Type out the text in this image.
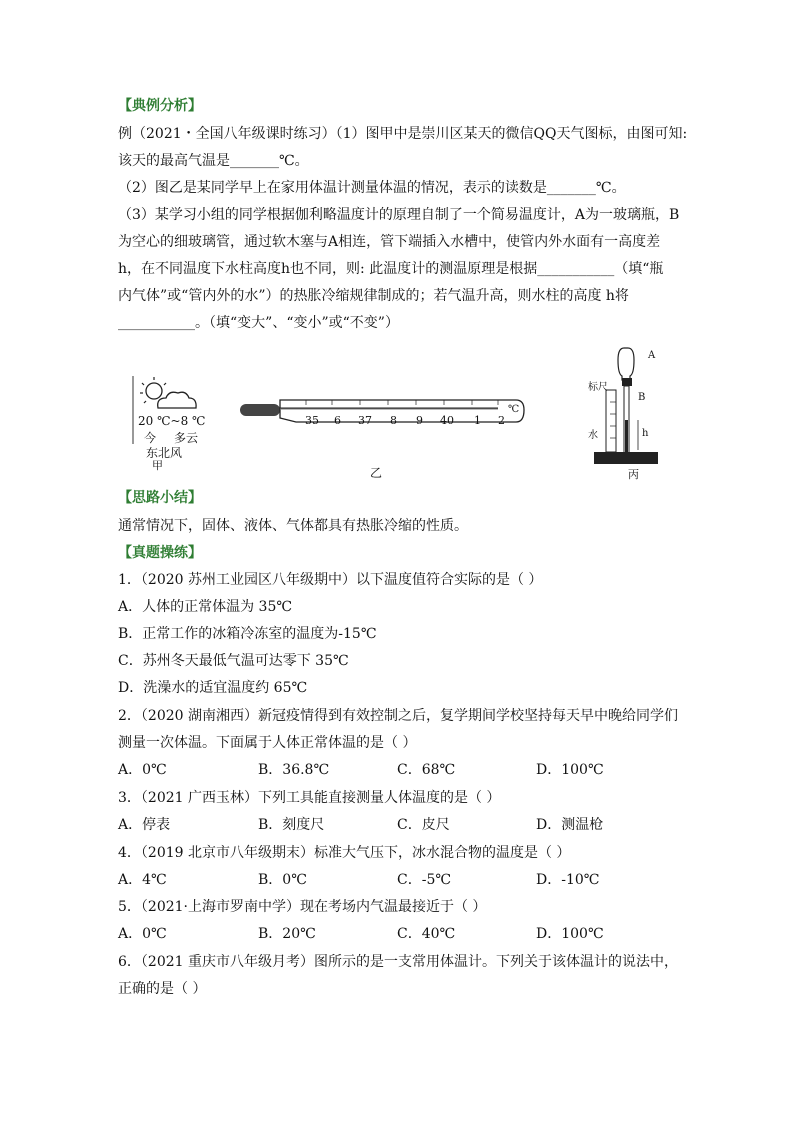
【典例分析】
例（2021・全国八年级课时练习）（1）图甲中是崇川区某天的微信QQ天气图标，由图可知:
该天的最高气温是_______℃。
（2）图乙是某同学早上在家用体温计测量体温的情况，表示的读数是_______℃。
（3）某学习小组的同学根据伽利略温度计的原理自制了一个简易温度计，A为一玻璃瓶，B
为空心的细玻璃管，通过软木塞与A相连，管下端插入水槽中，使管内外水面有一高度差
h，在不同温度下水柱高度h也不同，则: 此温度计的测温原理是根据___________（填“瓶
内气体”或“管内外的水”）的热胀冷缩规律制成的；若气温升高，则水柱的高度 h将
___________。（填“变大”、“变小”或“不变”）
20 ℃~8 ℃
今 多云
东北风
甲
35 6 37 8 9 40 1 2
℃
乙
A
标尺
B
h
水
丙
【思路小结】
通常情况下，固体、液体、气体都具有热胀冷缩的性质。
【真题操练】
1．（2020 苏州工业园区八年级期中）以下温度值符合实际的是（ ）
A．人体的正常体温为 35℃
B．正常工作的冰箱冷冻室的温度为-15℃
C．苏州冬天最低气温可达零下 35℃
D．洗澡水的适宜温度约 65℃
2．（2020 湖南湘西）新冠疫情得到有效控制之后，复学期间学校坚持每天早中晚给同学们
测量一次体温。下面属于人体正常体温的是（ ）
A．0℃	B．36.8℃	C．68℃	D．100℃
3．（2021 广西玉林）下列工具能直接测量人体温度的是（ ）
A．停表	B．刻度尺	C．皮尺	D．测温枪
4．（2019 北京市八年级期末）标准大气压下，冰水混合物的温度是（ ）
A．4℃	B．0℃	C．-5℃	D．-10℃
5．（2021·上海市罗南中学）现在考场内气温最接近于（ ）
A．0℃	B．20℃	C．40℃	D．100℃
6．（2021 重庆市八年级月考）图所示的是一支常用体温计。下列关于该体温计的说法中，
正确的是（ ）
